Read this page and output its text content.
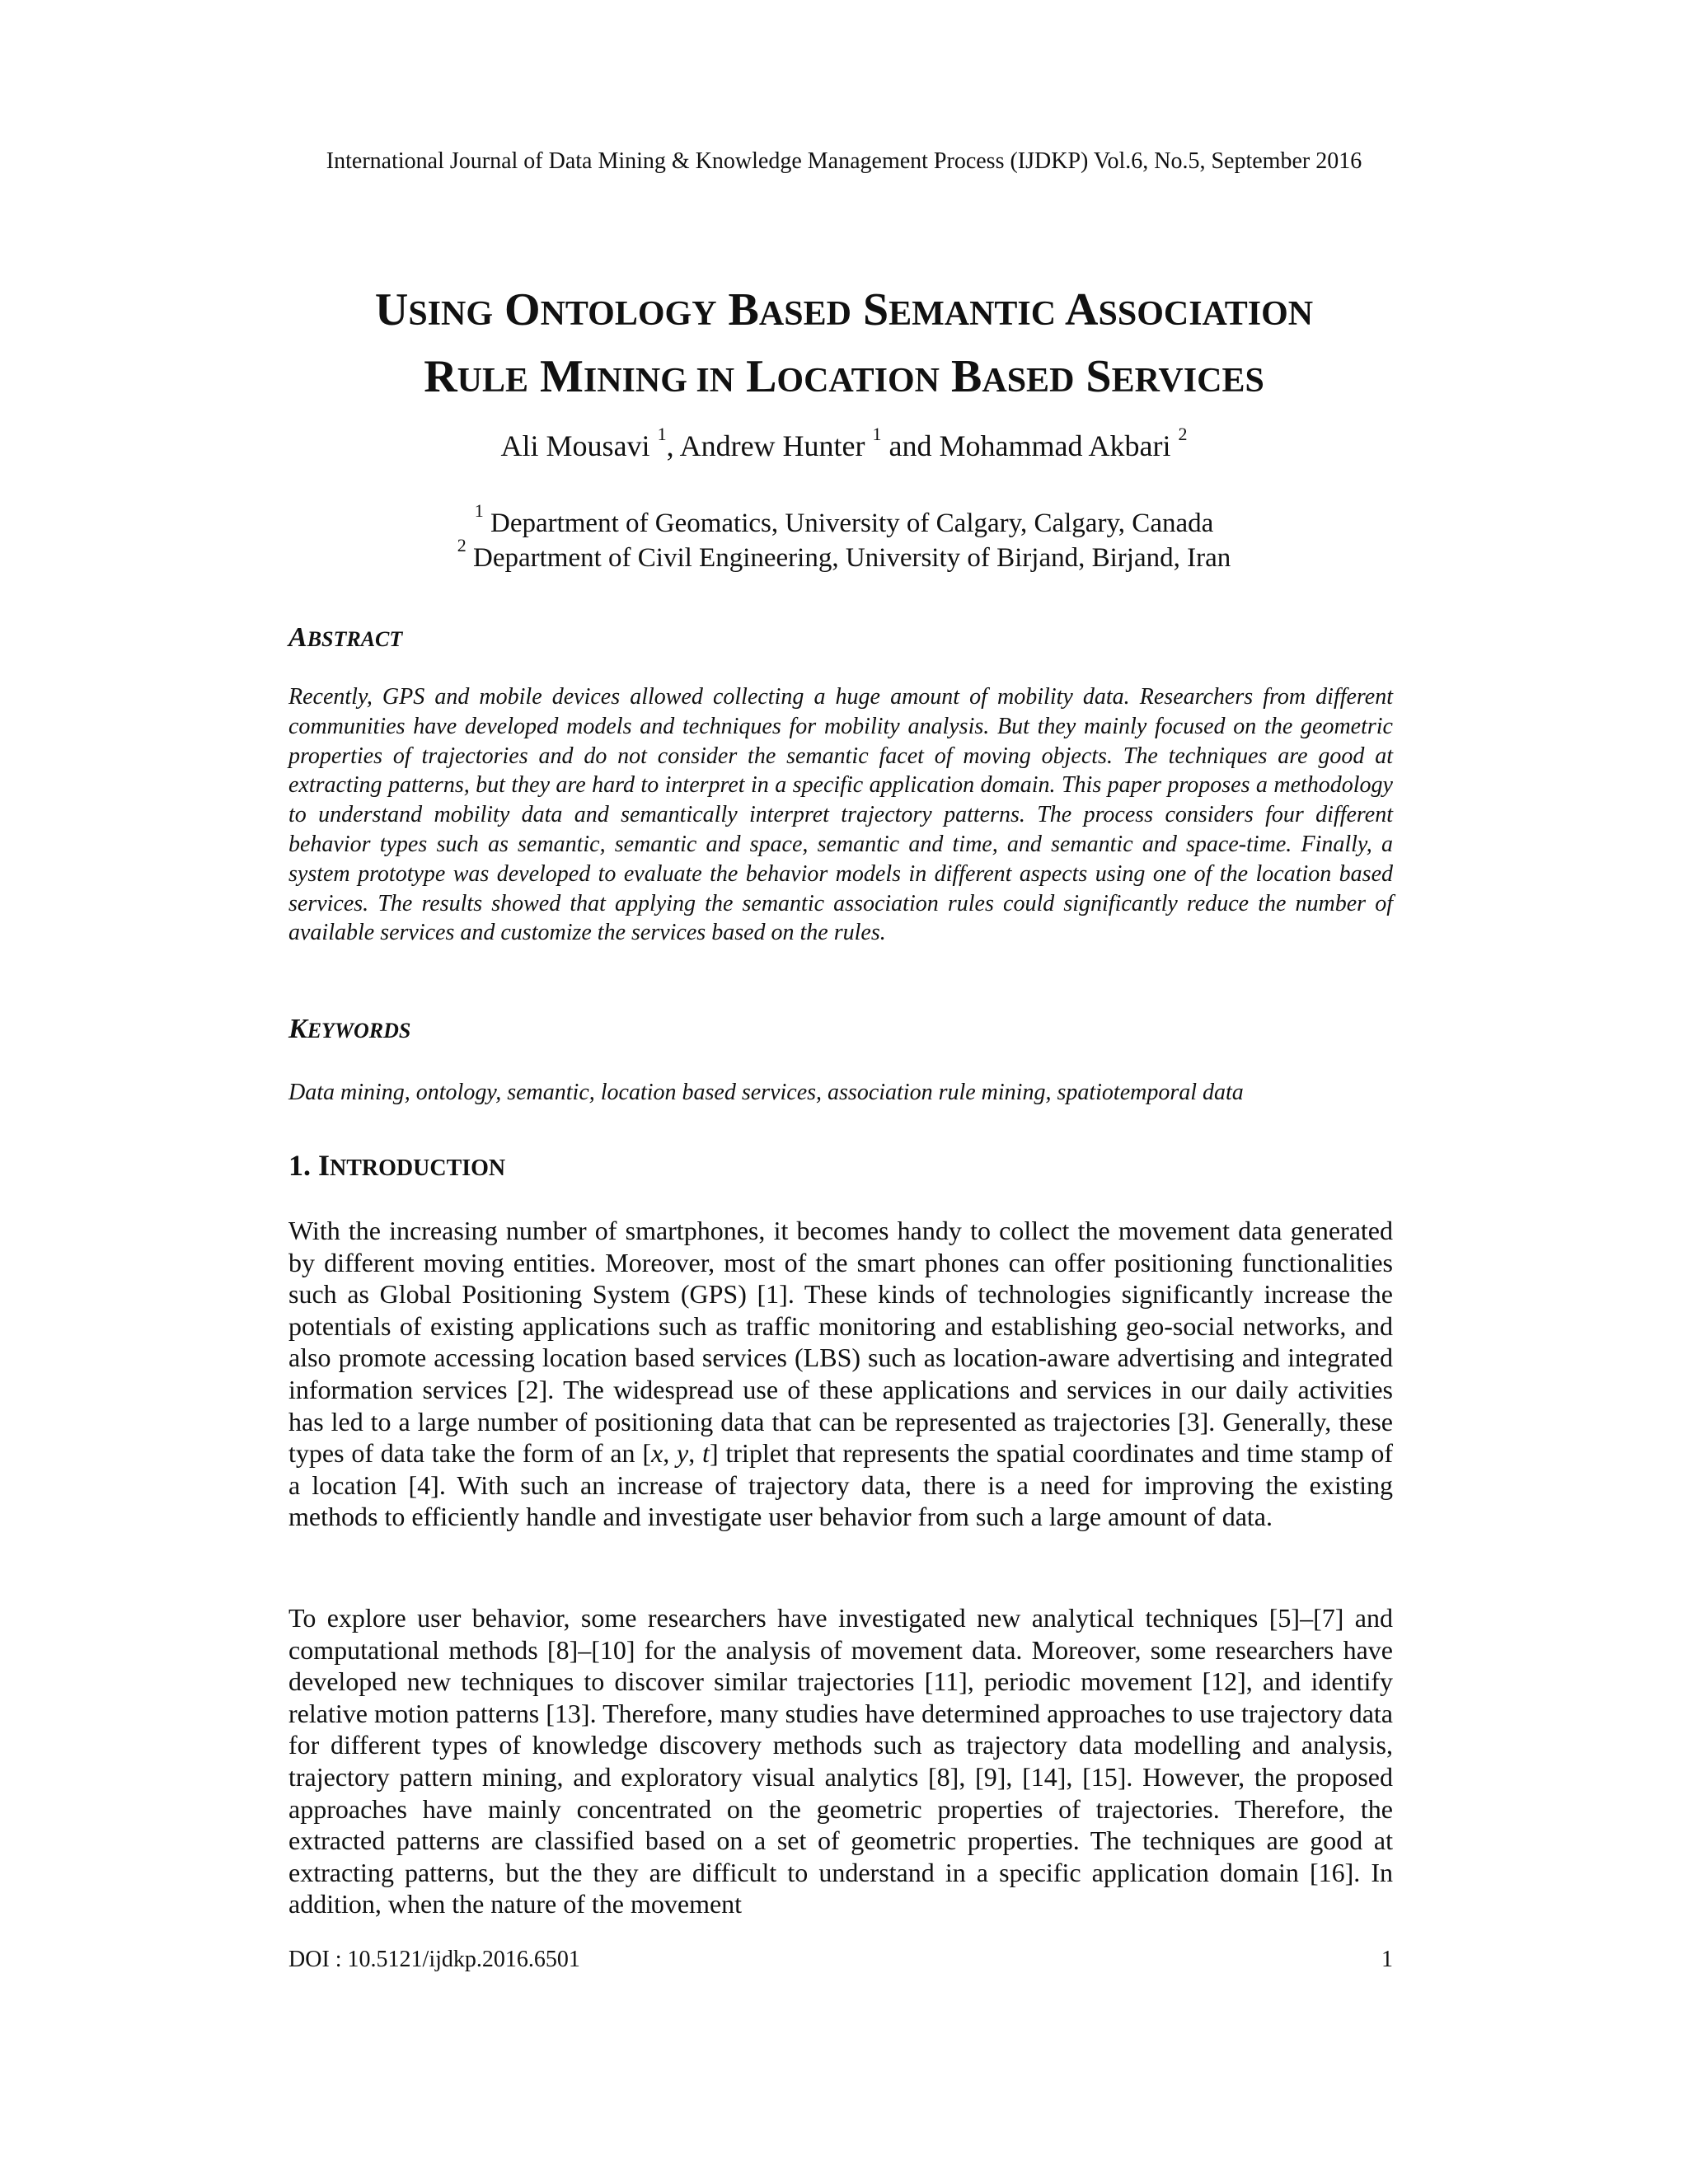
International Journal of Data Mining & Knowledge Management Process (IJDKP) Vol.6, No.5, September 2016
USING ONTOLOGY BASED SEMANTIC ASSOCIATION
RULE MINING IN LOCATION BASED SERVICES
Ali Mousavi $^1$, Andrew Hunter $^1$ and Mohammad Akbari $^2$
$^1$ Department of Geomatics, University of Calgary, Calgary, Canada
$^2$ Department of Civil Engineering, University of Birjand, Birjand, Iran
ABSTRACT
Recently, GPS and mobile devices allowed collecting a huge amount of mobility data. Researchers from different communities have developed models and techniques for mobility analysis. But they mainly focused on the geometric properties of trajectories and do not consider the semantic facet of moving objects. The techniques are good at extracting patterns, but they are hard to interpret in a specific application domain. This paper proposes a methodology to understand mobility data and semantically interpret trajectory patterns. The process considers four different behavior types such as semantic, semantic and space, semantic and time, and semantic and space-time. Finally, a system prototype was developed to evaluate the behavior models in different aspects using one of the location based services. The results showed that applying the semantic association rules could significantly reduce the number of available services and customize the services based on the rules.
KEYWORDS
Data mining, ontology, semantic, location based services, association rule mining, spatiotemporal data
1. INTRODUCTION
With the increasing number of smartphones, it becomes handy to collect the movement data generated by different moving entities. Moreover, most of the smart phones can offer positioning functionalities such as Global Positioning System (GPS) [1]. These kinds of technologies significantly increase the potentials of existing applications such as traffic monitoring and establishing geo-social networks, and also promote accessing location based services (LBS) such as location-aware advertising and integrated information services [2]. The widespread use of these applications and services in our daily activities has led to a large number of positioning data that can be represented as trajectories [3]. Generally, these types of data take the form of an [x, y, t] triplet that represents the spatial coordinates and time stamp of a location [4]. With such an increase of trajectory data, there is a need for improving the existing methods to efficiently handle and investigate user behavior from such a large amount of data.
To explore user behavior, some researchers have investigated new analytical techniques [5]–[7] and computational methods [8]–[10] for the analysis of movement data. Moreover, some researchers have developed new techniques to discover similar trajectories [11], periodic movement [12], and identify relative motion patterns [13]. Therefore, many studies have determined approaches to use trajectory data for different types of knowledge discovery methods such as trajectory data modelling and analysis, trajectory pattern mining, and exploratory visual analytics [8], [9], [14], [15]. However, the proposed approaches have mainly concentrated on the geometric properties of trajectories. Therefore, the extracted patterns are classified based on a set of geometric properties. The techniques are good at extracting patterns, but the they are difficult to understand in a specific application domain [16]. In addition, when the nature of the movement
DOI : 10.5121/ijdkp.2016.6501	1
